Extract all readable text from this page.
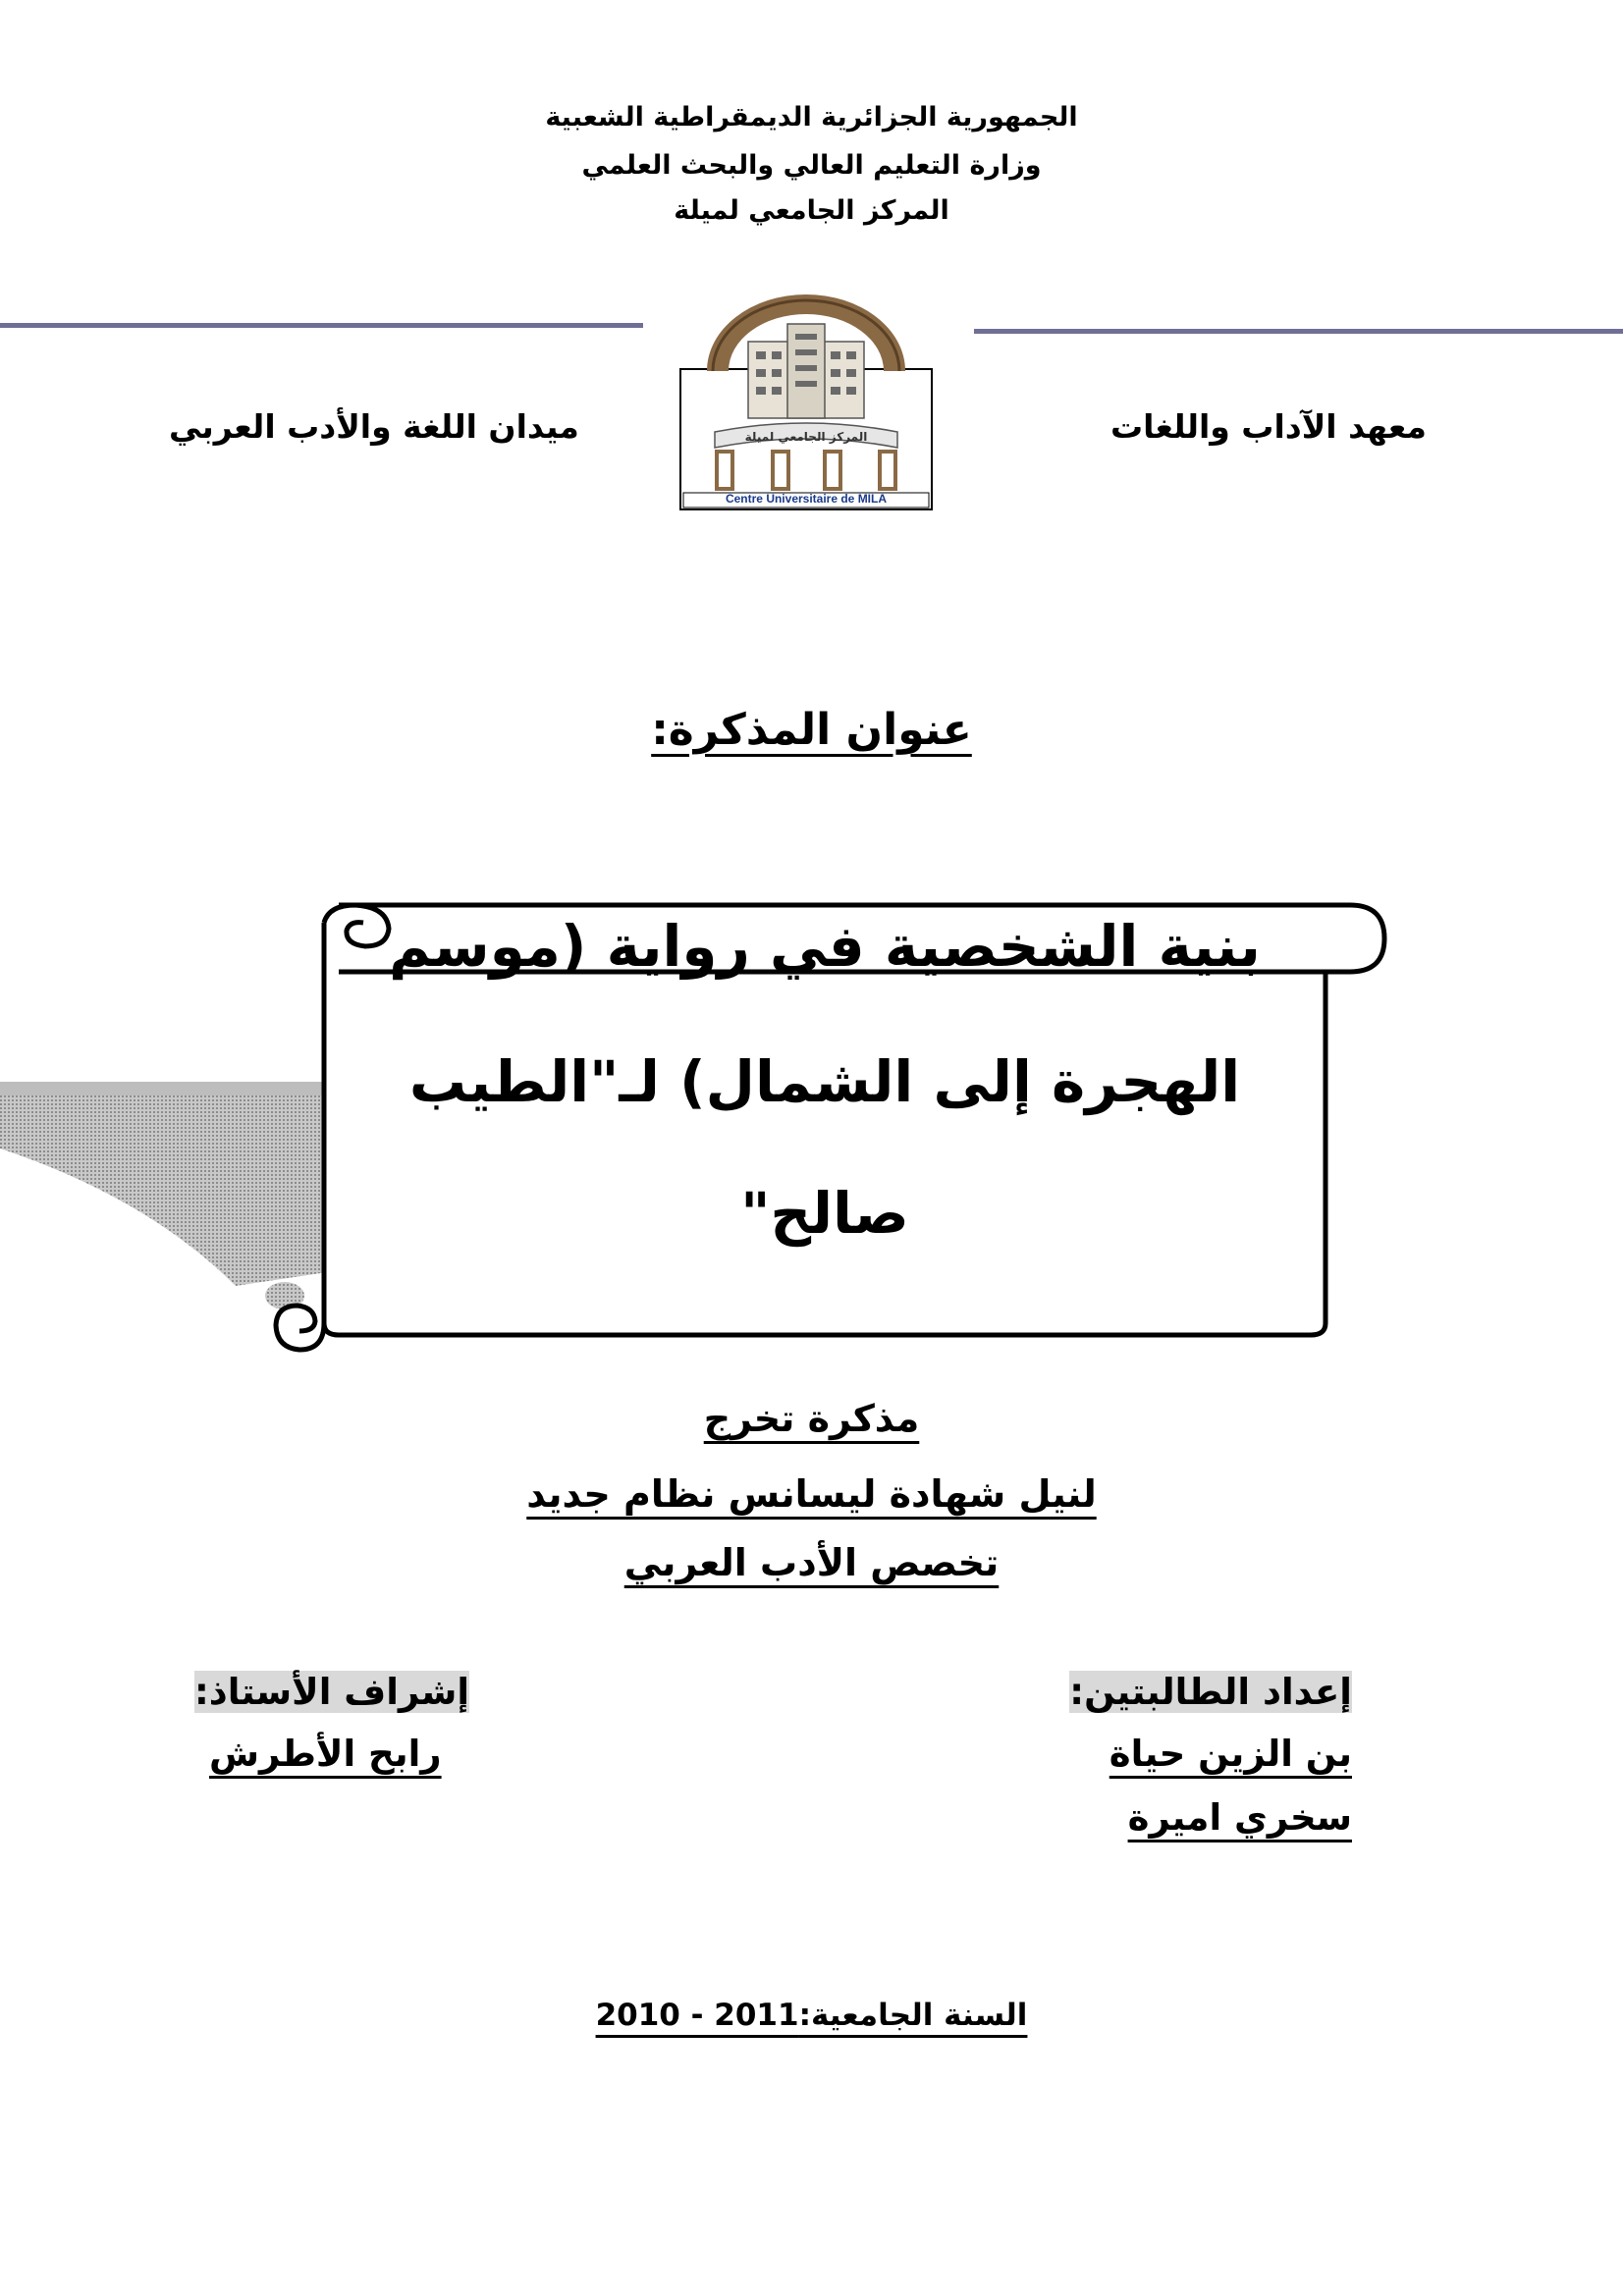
الجمهورية الجزائرية الديمقراطية الشعبية
وزارة التعليم العالي والبحث العلمي
المركز الجامعي لميلة
المركز الجامعي لميلة
Centre Universitaire de MILA
معهد الآداب واللغات
ميدان اللغة والأدب العربي
عنوان المذكرة:
بنية الشخصية في رواية (موسم
الهجرة إلى الشمال) لـ"الطيب
صالح"
مذكرة تخرج
لنيل شهادة ليسانس نظام جديد
تخصص الأدب العربي
إعداد الطالبتين:
بن الزين حياة
سخري اميرة
إشراف الأستاذ:
رابح الأطرش
السنة الجامعية:2010 - 2011
